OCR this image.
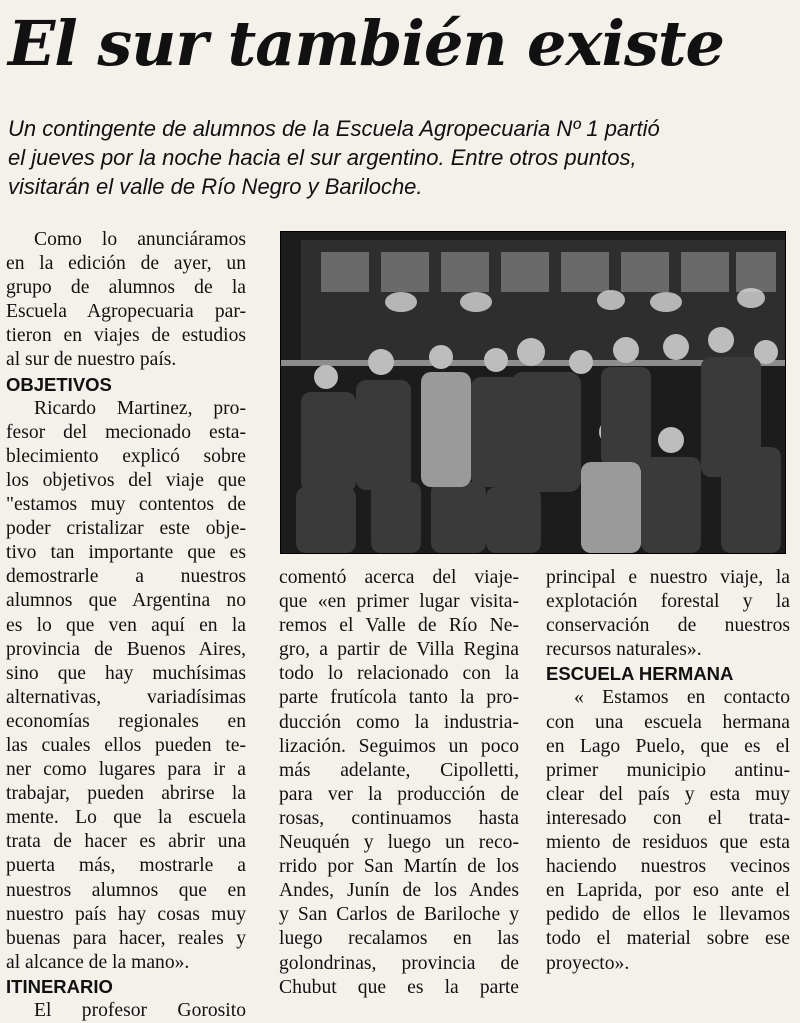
El sur también existe
Un contingente de alumnos de la Escuela Agropecuaria Nº 1 partió
el jueves por la noche hacia el sur argentino. Entre otros puntos,
visitarán el valle de Río Negro y Bariloche.
Como lo anunciáramos
en la edición de ayer, un
grupo de alumnos de la
Escuela Agropecuaria par-
tieron en viajes de estudios
al sur de nuestro país.
OBJETIVOS
Ricardo Martinez, pro-
fesor del mecionado esta-
blecimiento explicó sobre
los objetivos del viaje que
"estamos muy contentos de
poder cristalizar este obje-
tivo tan importante que es
demostrarle a nuestros
alumnos que Argentina no
es lo que ven aquí en la
provincia de Buenos Aires,
sino que hay muchísimas
alternativas, variadísimas
economías regionales en
las cuales ellos pueden te-
ner como lugares para ir a
trabajar, pueden abrirse la
mente. Lo que la escuela
trata de hacer es abrir una
puerta más, mostrarle a
nuestros alumnos que en
nuestro país hay cosas muy
buenas para hacer, reales y
al alcance de la mano».
ITINERARIO
El profesor Gorosito
comentó acerca del viaje-
que «en primer lugar visita-
remos el Valle de Río Ne-
gro, a partir de Villa Regina
todo lo relacionado con la
parte frutícola tanto la pro-
ducción como la industria-
lización. Seguimos un poco
más adelante, Cipolletti,
para ver la producción de
rosas, continuamos hasta
Neuquén y luego un reco-
rrido por San Martín de los
Andes, Junín de los Andes
y San Carlos de Bariloche y
luego recalamos en las
golondrinas, provincia de
Chubut que es la parte
principal e nuestro viaje, la
explotación forestal y la
conservación de nuestros
recursos naturales».
ESCUELA HERMANA
« Estamos en contacto
con una escuela hermana
en Lago Puelo, que es el
primer municipio antinu-
clear del país y esta muy
interesado con el trata-
miento de residuos que esta
haciendo nuestros vecinos
en Laprida, por eso ante el
pedido de ellos le llevamos
todo el material sobre ese
proyecto».
